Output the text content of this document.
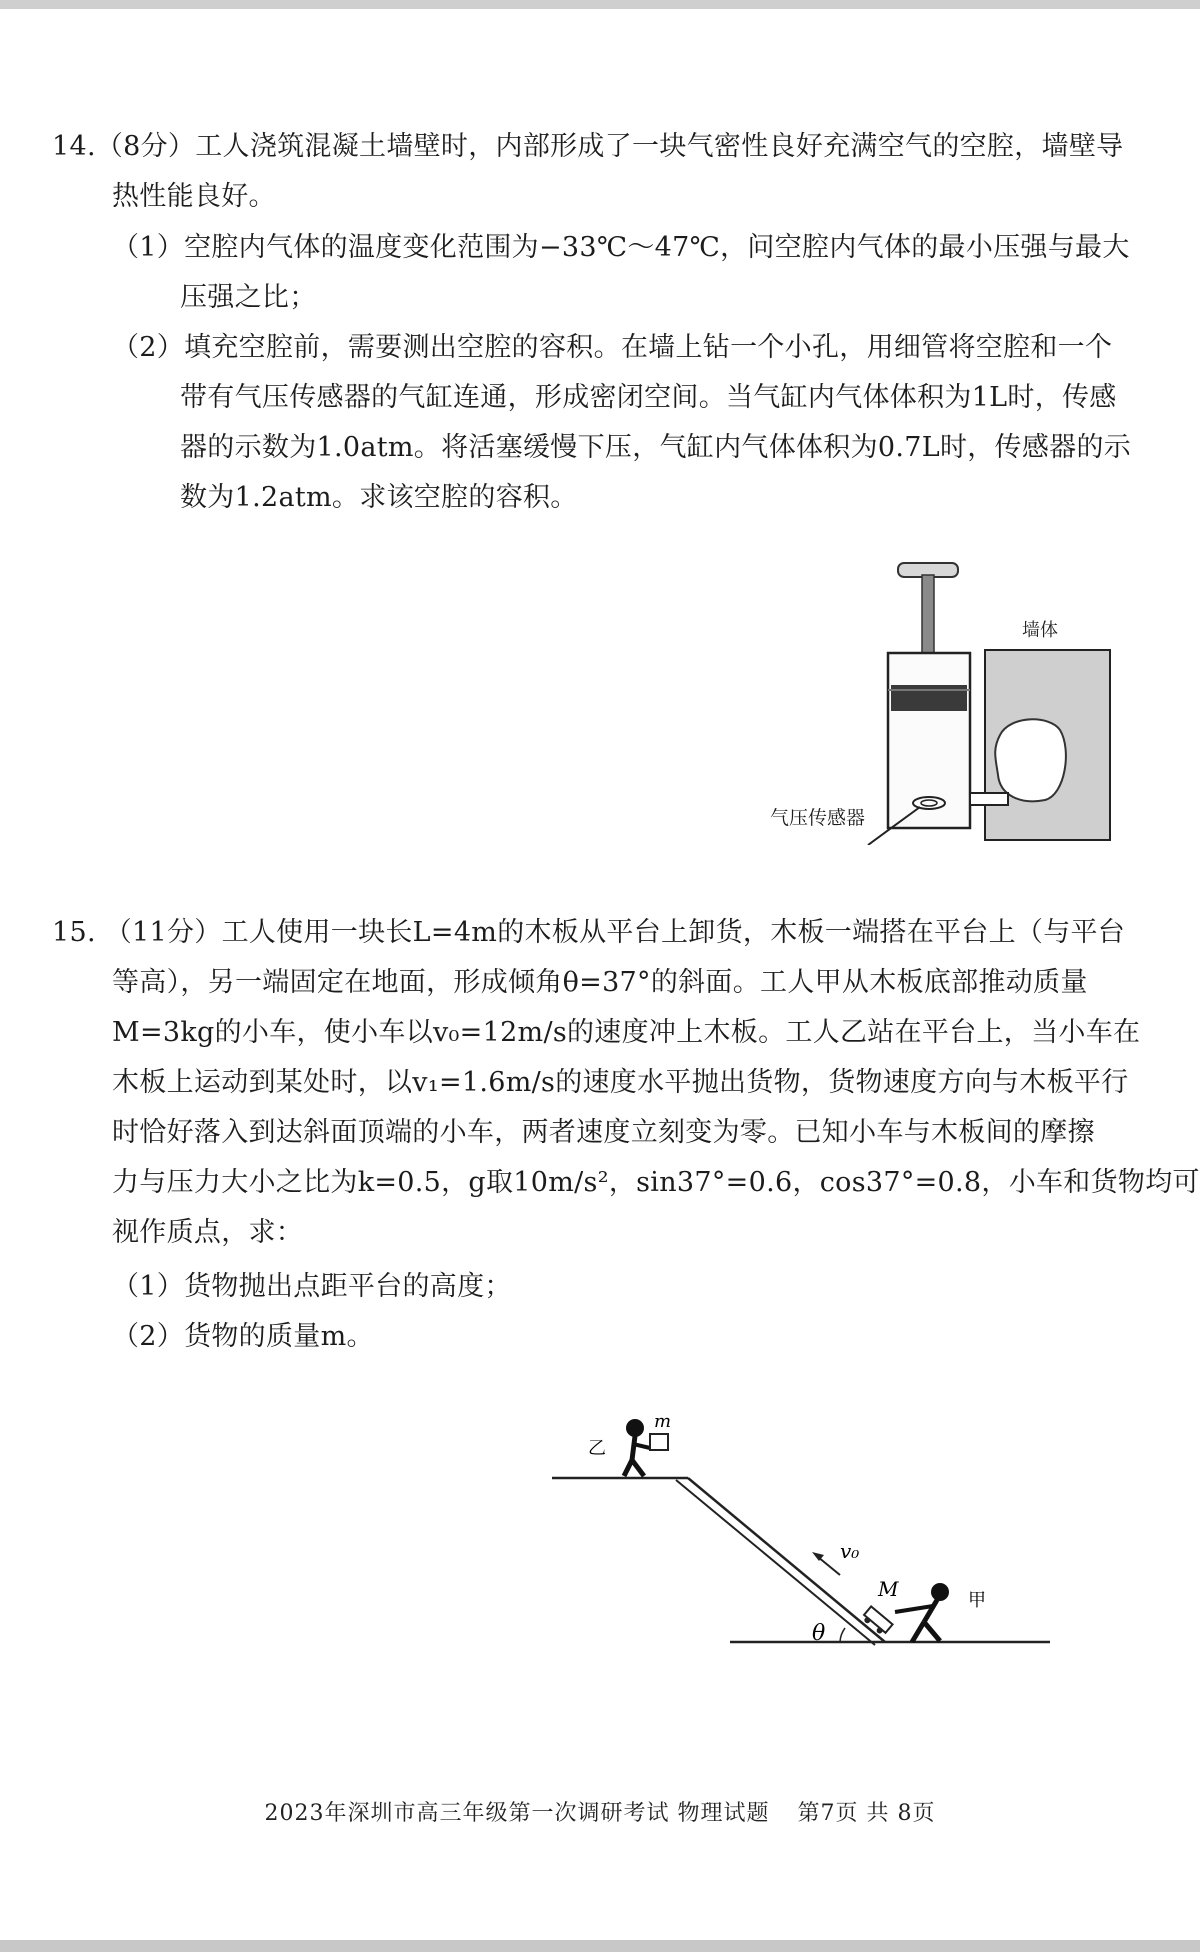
14.（8分）工人浇筑混凝土墙壁时，内部形成了一块气密性良好充满空气的空腔，墙壁导

热性能良好。

（1）空腔内气体的温度变化范围为−33℃～47℃，问空腔内气体的最小压强与最大

压强之比；

（2）填充空腔前，需要测出空腔的容积。在墙上钻一个小孔，用细管将空腔和一个

带有气压传感器的气缸连通，形成密闭空间。当气缸内气体体积为1L时，传感

器的示数为1.0atm。将活塞缓慢下压，气缸内气体体积为0.7L时，传感器的示

数为1.2atm。求该空腔的容积。

墙体
气压传感器

15. （11分）工人使用一块长L=4m的木板从平台上卸货，木板一端搭在平台上（与平台

等高），另一端固定在地面，形成倾角θ=37°的斜面。工人甲从木板底部推动质量

M=3kg的小车，使小车以v₀=12m/s的速度冲上木板。工人乙站在平台上，当小车在

木板上运动到某处时，以v₁=1.6m/s的速度水平抛出货物，货物速度方向与木板平行

时恰好落入到达斜面顶端的小车，两者速度立刻变为零。已知小车与木板间的摩擦

力与压力大小之比为k=0.5，g取10m/s²，sin37°=0.6，cos37°=0.8，小车和货物均可

视作质点，求：

（1）货物抛出点距平台的高度；

（2）货物的质量m。

m
乙
v₀
M	甲
θ
2023年深圳市高三年级第一次调研考试 物理试题 第7页 共 8页
